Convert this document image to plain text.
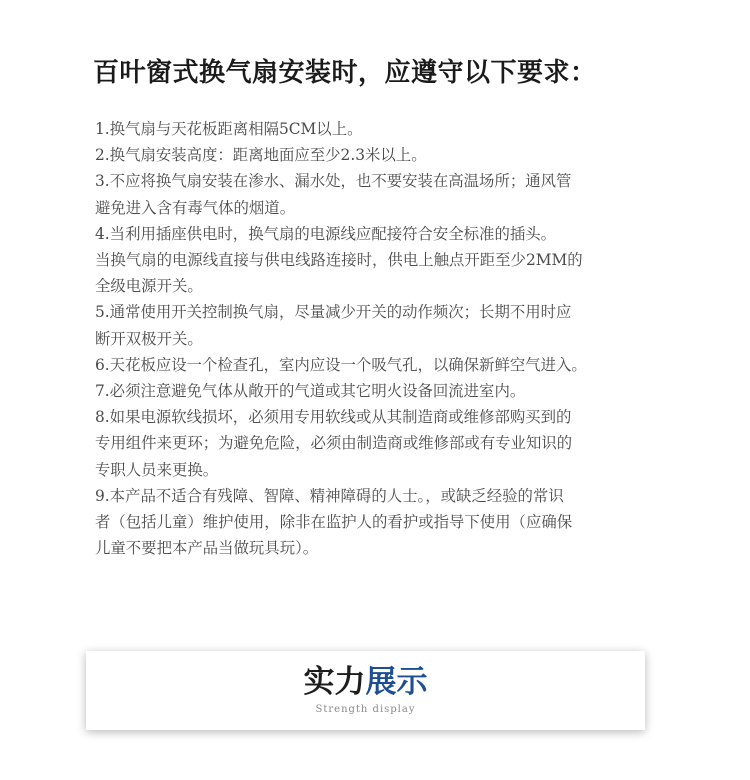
百叶窗式换气扇安装时，应遵守以下要求：
1.换气扇与天花板距离相隔5CM以上。
2.换气扇安装高度：距离地面应至少2.3米以上。
3.不应将换气扇安装在渗水、漏水处，也不要安装在高温场所；通风管
避免进入含有毒气体的烟道。
4.当利用插座供电时，换气扇的电源线应配接符合安全标准的插头。
当换气扇的电源线直接与供电线路连接时，供电上触点开距至少2MM的
全级电源开关。
5.通常使用开关控制换气扇，尽量减少开关的动作频次；长期不用时应
断开双极开关。
6.天花板应设一个检查孔，室内应设一个吸气孔，以确保新鲜空气进入。
7.必须注意避免气体从敞开的气道或其它明火设备回流进室内。
8.如果电源软线损坏，必须用专用软线或从其制造商或维修部购买到的
专用组件来更环；为避免危险，必须由制造商或维修部或有专业知识的
专职人员来更换。
9.本产品不适合有残障、智障、精神障碍的人士。，或缺乏经验的常识
者（包括儿童）维护使用，除非在监护人的看护或指导下使用（应确保
儿童不要把本产品当做玩具玩）。
实力展示
Strength display
